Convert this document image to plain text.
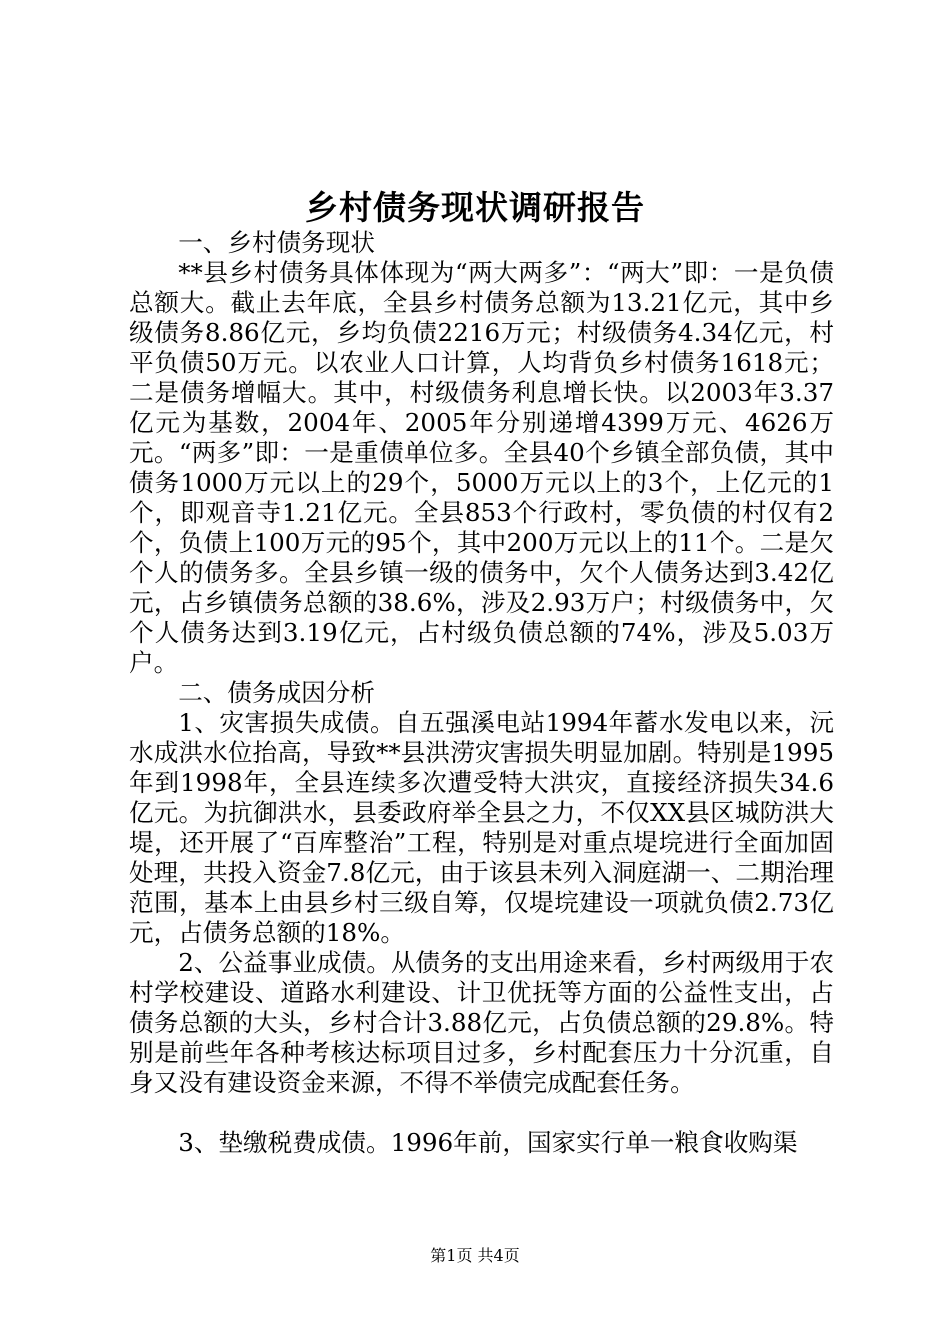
乡村债务现状调研报告

一、乡村债务现状

**县乡村债务具体体现为“两大两多”：“两大”即：一是负债总额大。截止去年底，全县乡村债务总额为13.21亿元，其中乡级债务8.86亿元，乡均负债2216万元；村级债务4.34亿元，村平负债50万元。以农业人口计算，人均背负乡村债务1618元；二是债务增幅大。其中，村级债务利息增长快。以2003年3.37亿元为基数，2004年、2005年分别递增4399万元、4626万元。“两多”即：一是重债单位多。全县40个乡镇全部负债，其中债务1000万元以上的29个，5000万元以上的3个，上亿元的1个，即观音寺1.21亿元。全县853个行政村，零负债的村仅有2个，负债上100万元的95个，其中200万元以上的11个。二是欠个人的债务多。全县乡镇一级的债务中，欠个人债务达到3.42亿元，占乡镇债务总额的38.6%，涉及2.93万户；村级债务中，欠个人债务达到3.19亿元，占村级负债总额的74%，涉及5.03万户。

二、债务成因分析

1、灾害损失成债。自五强溪电站1994年蓄水发电以来，沅水成洪水位抬高，导致**县洪涝灾害损失明显加剧。特别是1995年到1998年，全县连续多次遭受特大洪灾，直接经济损失34.6亿元。为抗御洪水，县委政府举全县之力，不仅XX县区城防洪大堤，还开展了“百库整治”工程，特别是对重点堤垸进行全面加固处理，共投入资金7.8亿元，由于该县未列入洞庭湖一、二期治理范围，基本上由县乡村三级自筹，仅堤垸建设一项就负债2.73亿元，占债务总额的18%。

2、公益事业成债。从债务的支出用途来看，乡村两级用于农村学校建设、道路水利建设、计卫优抚等方面的公益性支出，占债务总额的大头，乡村合计3.88亿元，占负债总额的29.8%。特别是前些年各种考核达标项目过多，乡村配套压力十分沉重，自身又没有建设资金来源，不得不举债完成配套任务。

3、垫缴税费成债。1996年前，国家实行单一粮食收购渠

第1页 共4页
